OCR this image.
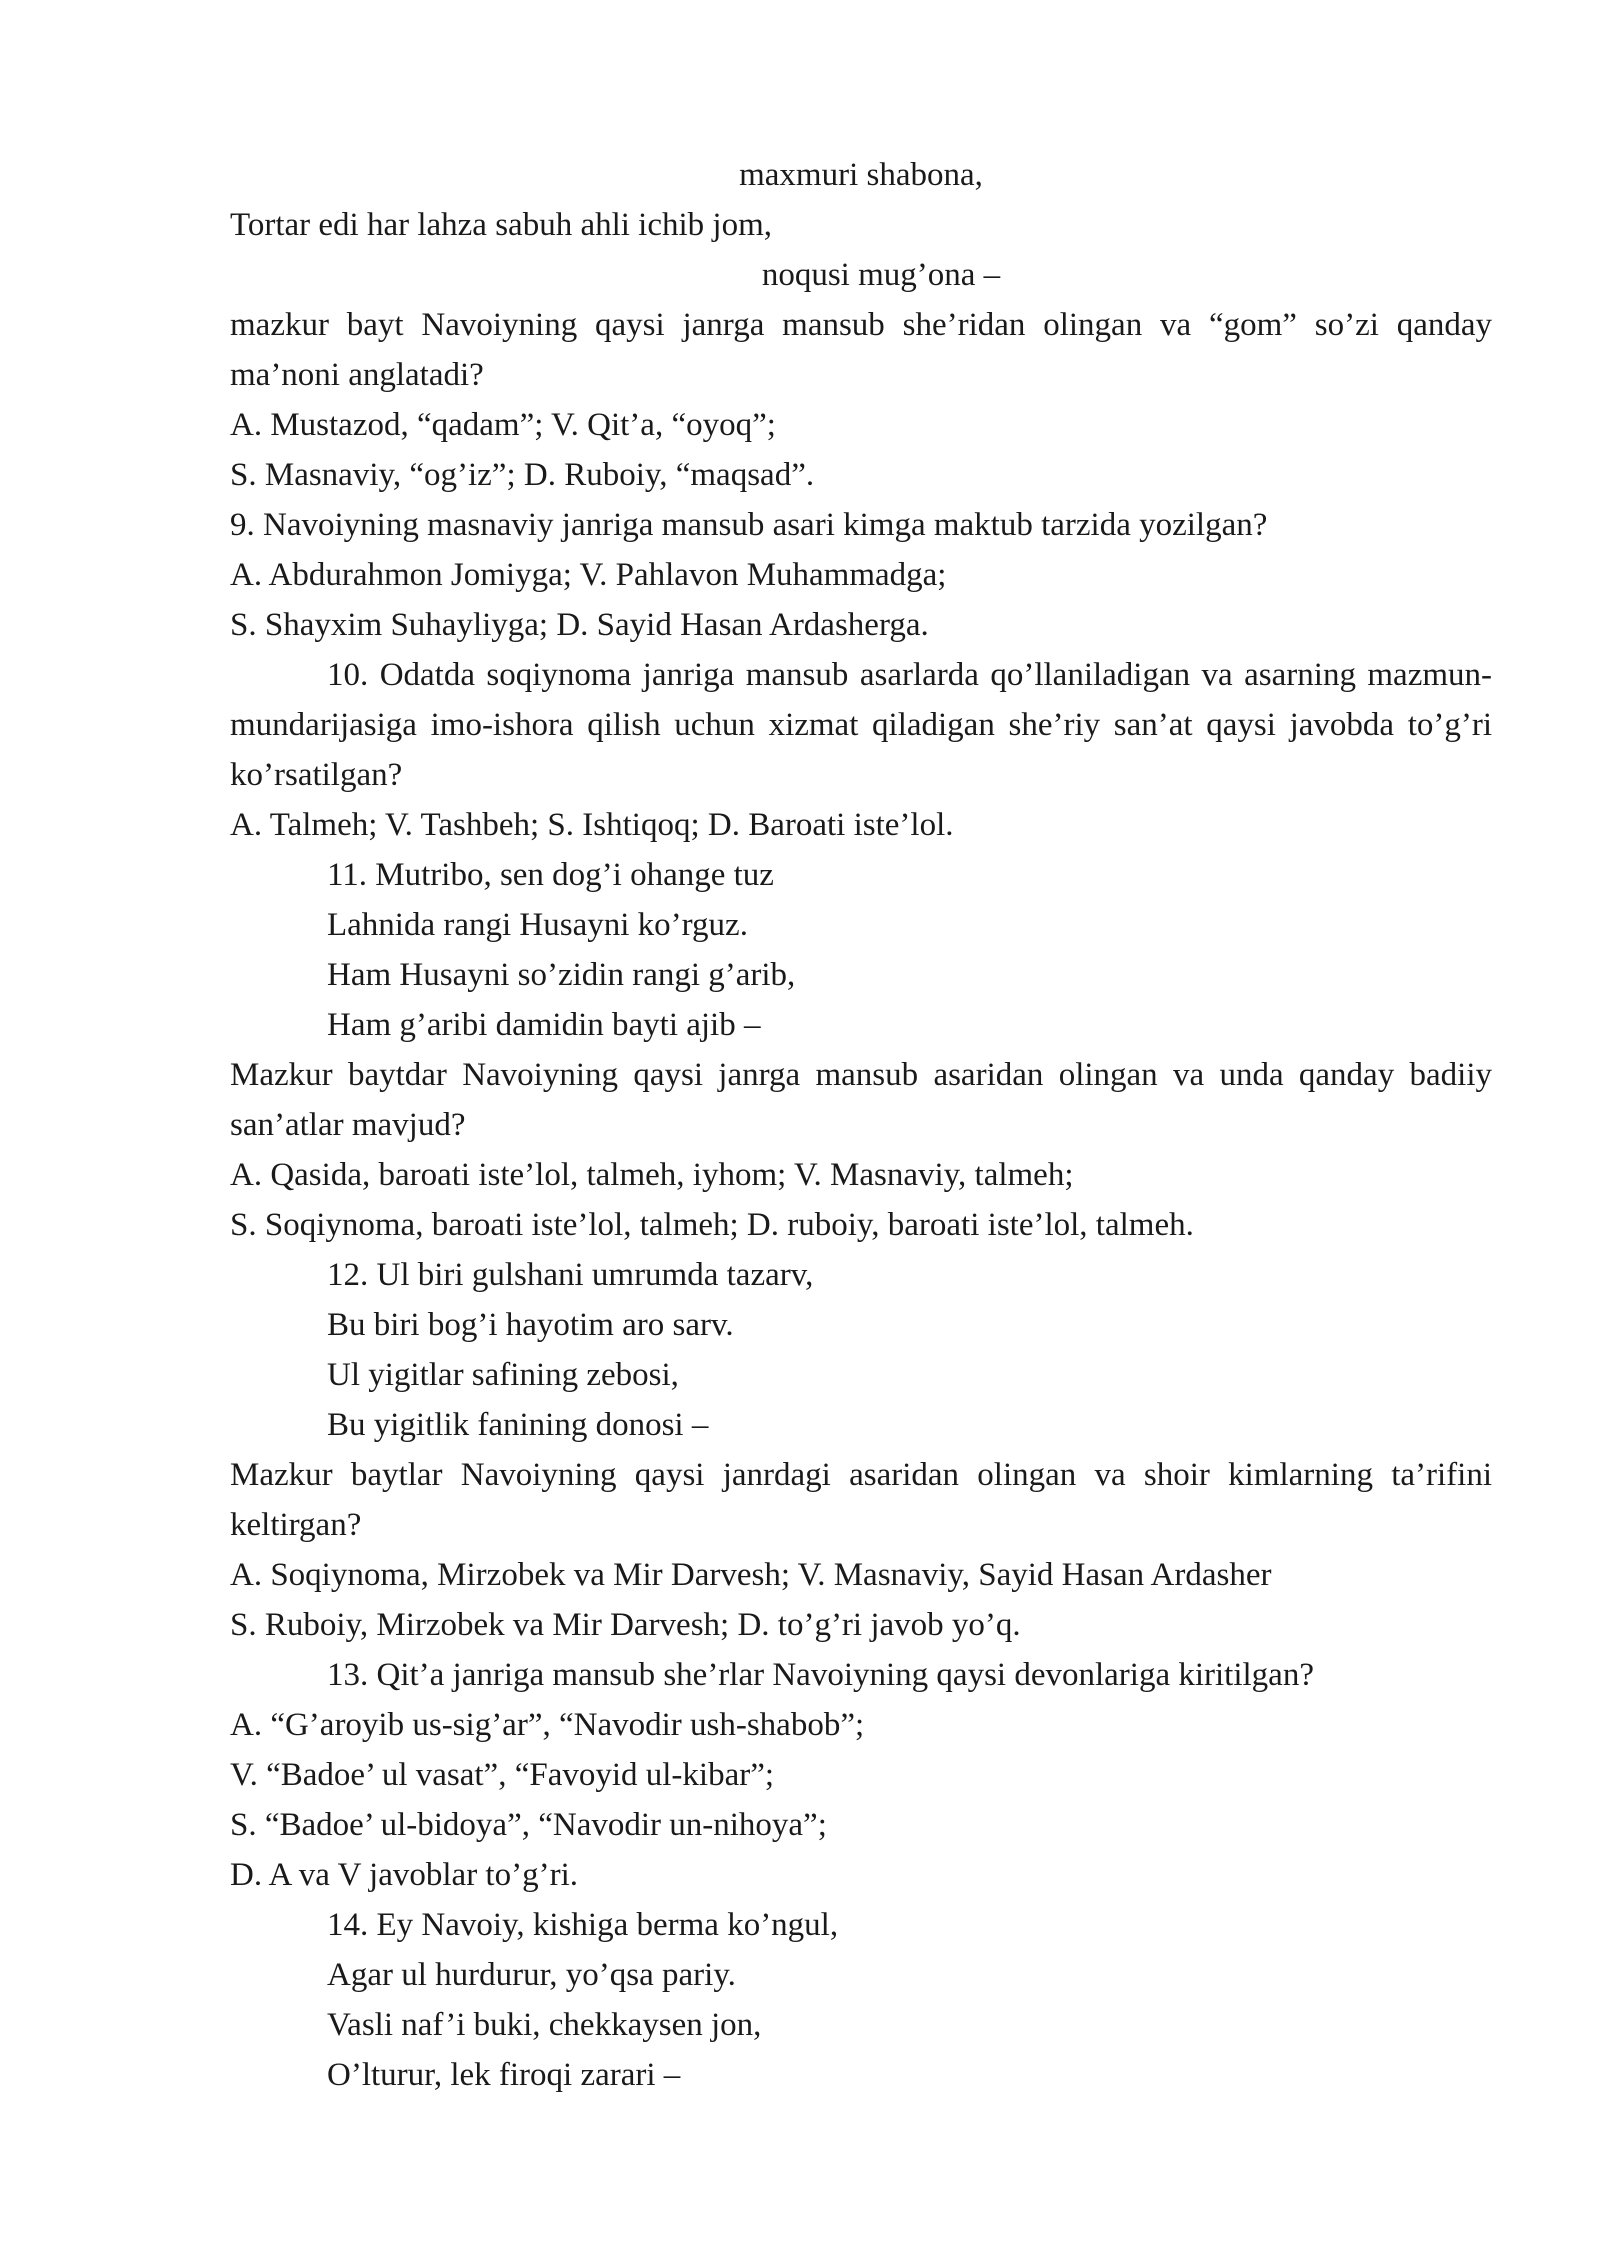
maxmuri shabona,

Tortar edi har lahza sabuh ahli ichib jom,

noqusi mug’ona –

mazkur bayt Navoiyning qaysi janrga mansub she’ridan olingan va “gom” so’zi qanday ma’noni anglatadi?

A. Mustazod, “qadam”; V. Qit’a, “oyoq”;

S. Masnaviy, “og’iz”; D. Ruboiy, “maqsad”.

9. Navoiyning masnaviy janriga mansub asari kimga maktub tarzida yozilgan?

A. Abdurahmon Jomiyga; V. Pahlavon Muhammadga;

S. Shayxim Suhayliyga; D. Sayid Hasan Ardasherga.

10. Odatda soqiynoma janriga mansub asarlarda qo’llaniladigan va asarning mazmun-mundarijasiga imo-ishora qilish uchun xizmat qiladigan she’riy san’at qaysi javobda to’g’ri ko’rsatilgan?

A. Talmeh; V. Tashbeh; S. Ishtiqoq; D. Baroati iste’lol.

11. Mutribo, sen dog’i ohange tuz

Lahnida rangi Husayni ko’rguz.

Ham Husayni so’zidin rangi g’arib,

Ham g’aribi damidin bayti ajib –

Mazkur baytdar Navoiyning qaysi janrga mansub asaridan olingan va unda qanday badiiy san’atlar mavjud?

A. Qasida, baroati iste’lol, talmeh, iyhom; V. Masnaviy, talmeh;

S. Soqiynoma, baroati iste’lol, talmeh; D. ruboiy, baroati iste’lol, talmeh.

12. Ul biri gulshani umrumda tazarv,

Bu biri bog’i hayotim aro sarv.

Ul yigitlar safining zebosi,

Bu yigitlik fanining donosi –

Mazkur baytlar Navoiyning qaysi janrdagi asaridan olingan va shoir kimlarning ta’rifini keltirgan?

A. Soqiynoma, Mirzobek va Mir Darvesh; V. Masnaviy, Sayid Hasan Ardasher

S. Ruboiy, Mirzobek va Mir Darvesh; D. to’g’ri javob yo’q.

13. Qit’a janriga mansub she’rlar Navoiyning qaysi devonlariga kiritilgan?

A. “G’aroyib us-sig’ar”, “Navodir ush-shabob”;

V. “Badoe’ ul vasat”, “Favoyid ul-kibar”;

S. “Badoe’ ul-bidoya”, “Navodir un-nihoya”;

D. A va V javoblar to’g’ri.

14. Ey Navoiy, kishiga berma ko’ngul,

Agar ul hurdurur, yo’qsa pariy.

Vasli naf’i buki, chekkaysen jon,

O’lturur, lek firoqi zarari –
